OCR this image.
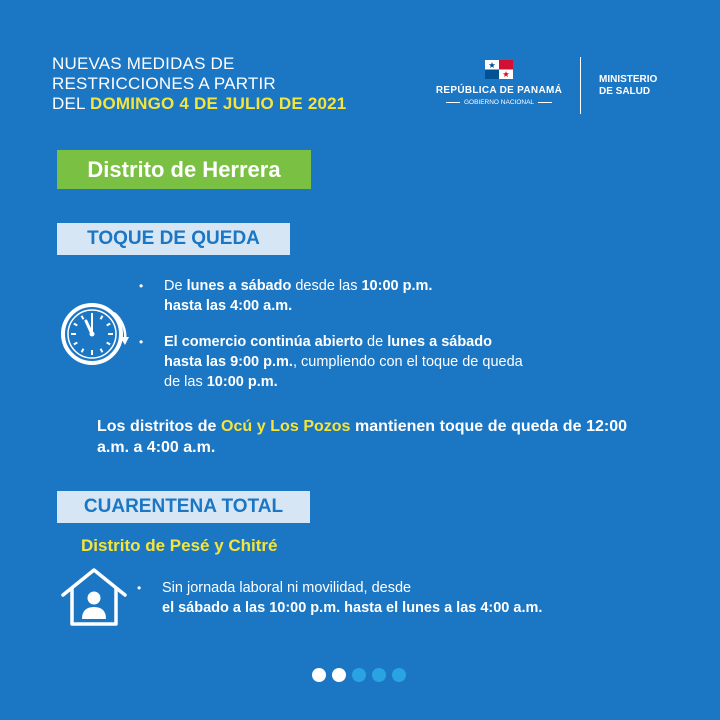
NUEVAS MEDIDAS DE
RESTRICCIONES A PARTIR
DEL DOMINGO 4 DE JULIO DE 2021
REPÚBLICA DE PANAMÁ
GOBIERNO NACIONAL
MINISTERIO
DE SALUD
Distrito de Herrera
TOQUE DE QUEDA
• De lunes a sábado desde las 10:00 p.m.
hasta las 4:00 a.m.
• El comercio continúa abierto de lunes a sábado
hasta las 9:00 p.m., cumpliendo con el toque de queda
de las 10:00 p.m.
Los distritos de Ocú y Los Pozos mantienen toque de queda de 12:00 a.m. a 4:00 a.m.
CUARENTENA TOTAL
Distrito de Pesé y Chitré
• Sin jornada laboral ni movilidad, desde
el sábado a las 10:00 p.m. hasta el lunes a las 4:00 a.m.
